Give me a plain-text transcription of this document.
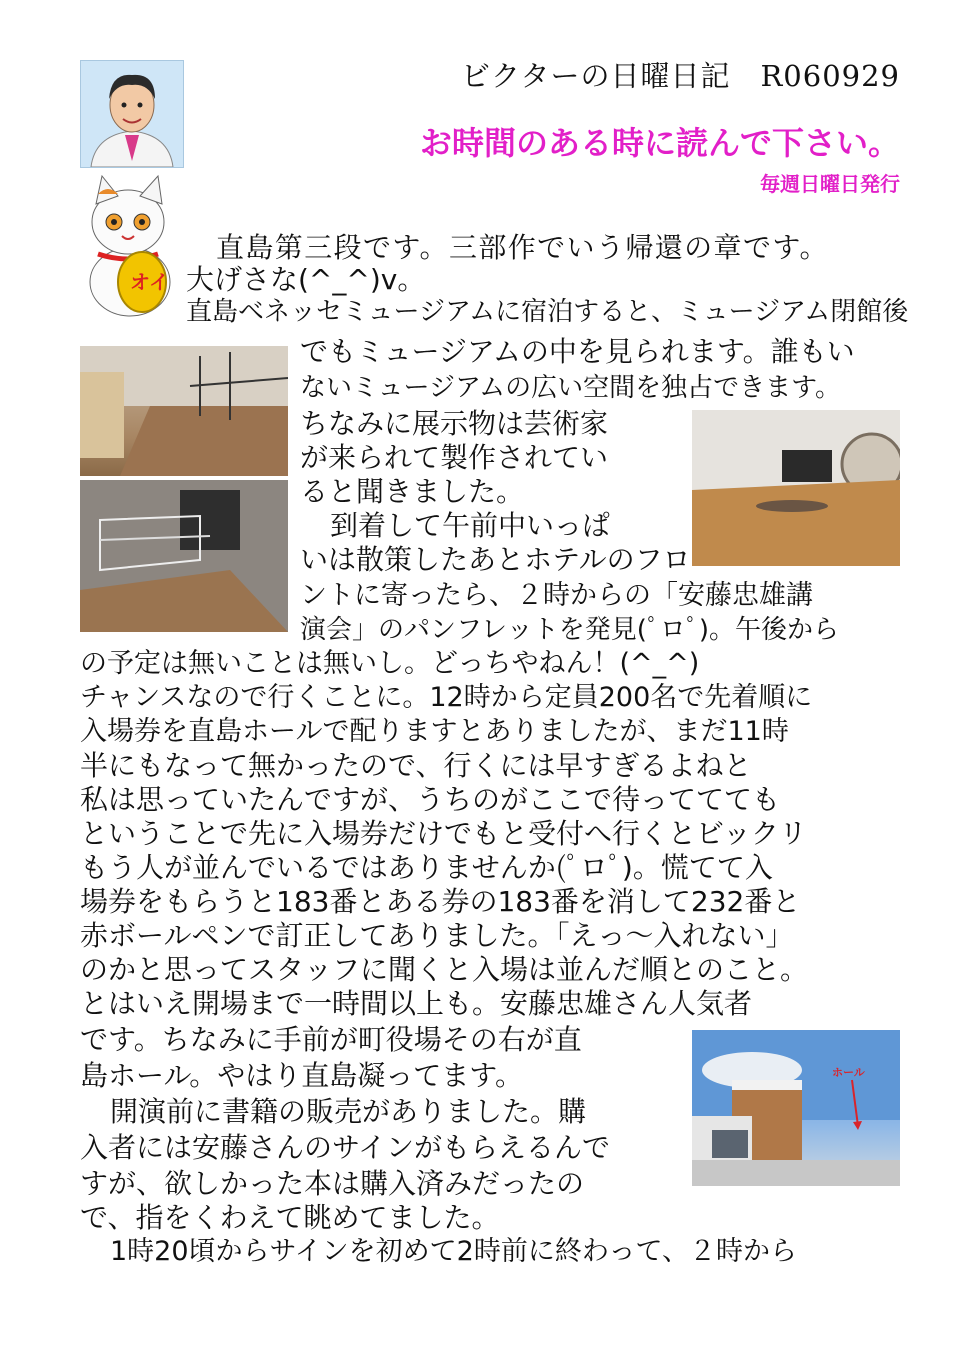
オイ
ビクターの日曜日記　R060929
お時間のある時に読んで下さい。
毎週日曜日発行
ホール
直島第三段です。三部作でいう帰還の章です。
大げさな(^_^)v。
直島ベネッセミュージアムに宿泊すると、ミュージアム閉館後
でもミュージアムの中を見られます。誰もい
ないミュージアムの広い空間を独占できます。
ちなみに展示物は芸術家
が来られて製作されてい
ると聞きました。
到着して午前中いっぱ
いは散策したあとホテルのフロ
ントに寄ったら、２時からの「安藤忠雄講
演会」のパンフレットを発見(ﾟロﾟ)。午後から
の予定は無いことは無いし。どっちやねん！(^_^)
チャンスなので行くことに。12時から定員200名で先着順に
入場券を直島ホールで配りますとありましたが、まだ11時
半にもなって無かったので、行くには早すぎるよねと
私は思っていたんですが、うちのがここで待っててても
ということで先に入場券だけでもと受付へ行くとビックリ
もう人が並んでいるではありませんか(ﾟロﾟ)。慌てて入
場券をもらうと183番とある券の183番を消して232番と
赤ボールペンで訂正してありました。「えっ～入れない」
のかと思ってスタッフに聞くと入場は並んだ順とのこと。
とはいえ開場まで一時間以上も。安藤忠雄さん人気者
です。ちなみに手前が町役場その右が直
島ホール。やはり直島凝ってます。
開演前に書籍の販売がありました。購
入者には安藤さんのサインがもらえるんで
すが、欲しかった本は購入済みだったの
で、指をくわえて眺めてました。
1時20頃からサインを初めて2時前に終わって、２時から
